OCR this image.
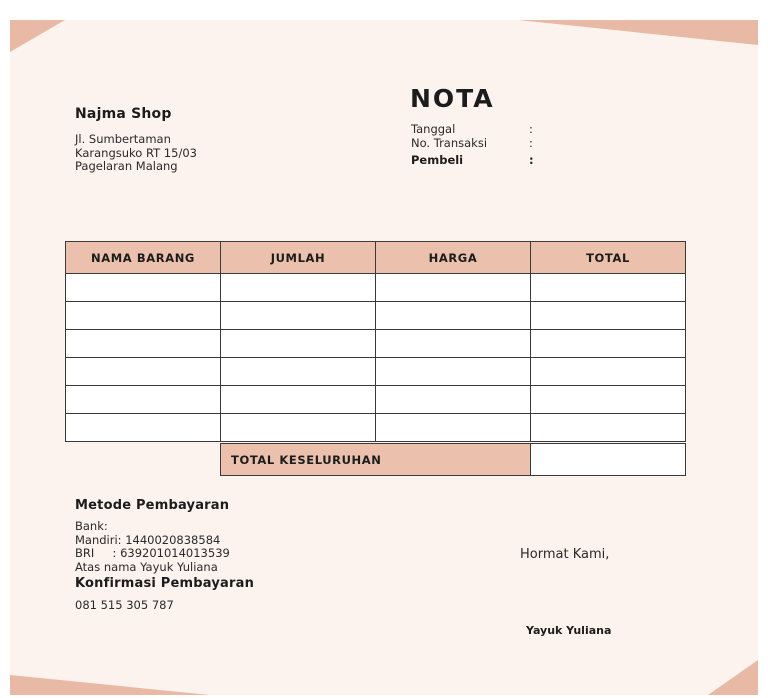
Najma Shop
Jl. Sumbertaman
Karangsuko RT 15/03
Pagelaran Malang
NOTA
Tanggal	:
No. Transaksi	:
Pembeli	:
NAMA BARANG	JUMLAH	HARGA	TOTAL

TOTAL KESELURUHAN	
Metode Pembayaran
Bank:
Mandiri: 1440020838584
BRI     : 639201014013539
Atas nama Yayuk Yuliana
Konfirmasi Pembayaran
081 515 305 787
Hormat Kami,
Yayuk Yuliana
